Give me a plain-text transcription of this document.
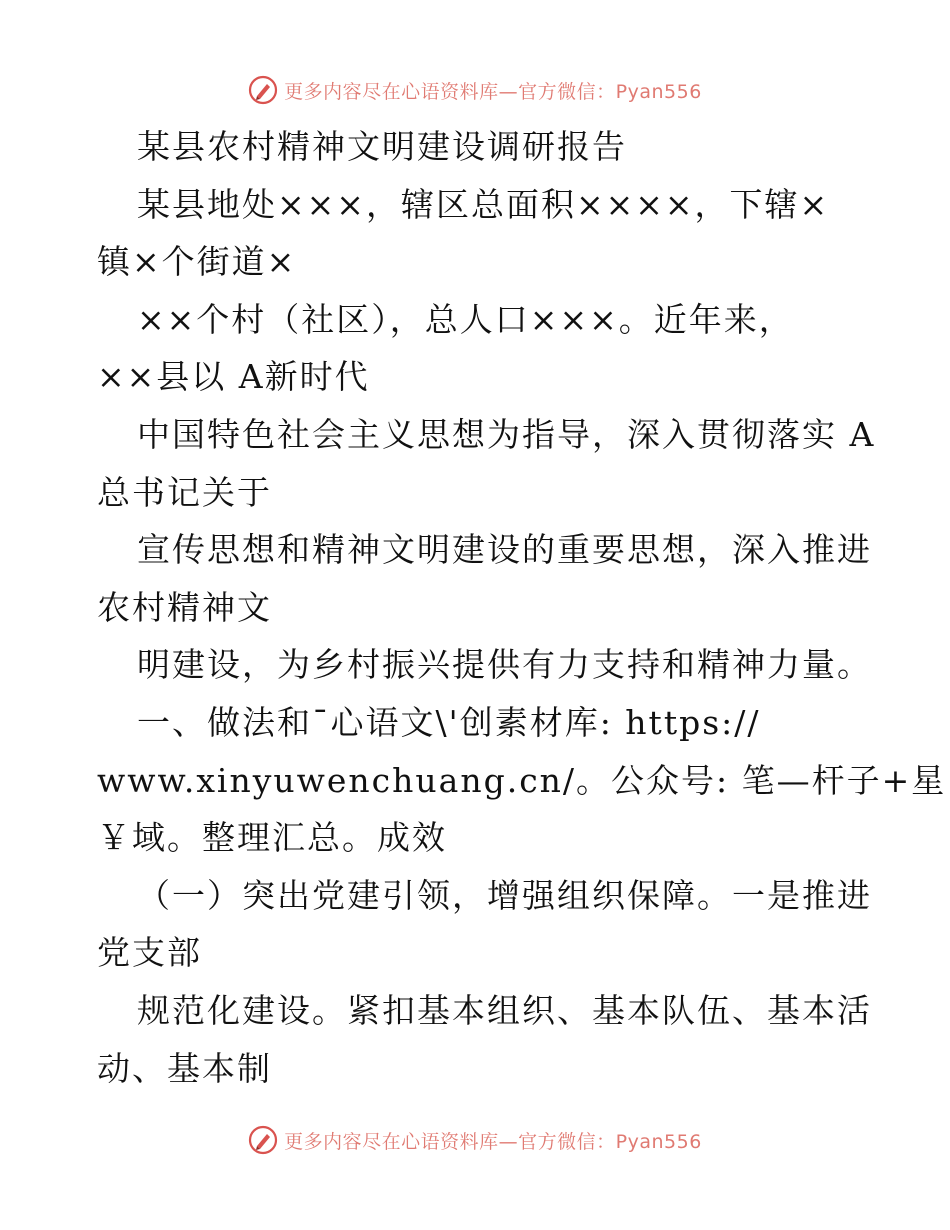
更多内容尽在心语资料库—官方微信：Pyan556
某县农村精神文明建设调研报告
某县地处×××，辖区总面积××××，下辖×
镇×个街道×
××个村（社区），总人口×××。近年来，
××县以 A新时代
中国特色社会主义思想为指导，深入贯彻落实 A
总书记关于
宣传思想和精神文明建设的重要思想，深入推进
农村精神文
明建设，为乡村振兴提供有力支持和精神力量。
一、做法和¯心语文\'创素材库: https://
www.xinyuwenchuang.cn/。公众号: 笔—杆子+星
￥域。整理汇总。成效
（一）突出党建引领，增强组织保障。一是推进
党支部
规范化建设。紧扣基本组织、基本队伍、基本活
动、基本制
更多内容尽在心语资料库—官方微信：Pyan556
